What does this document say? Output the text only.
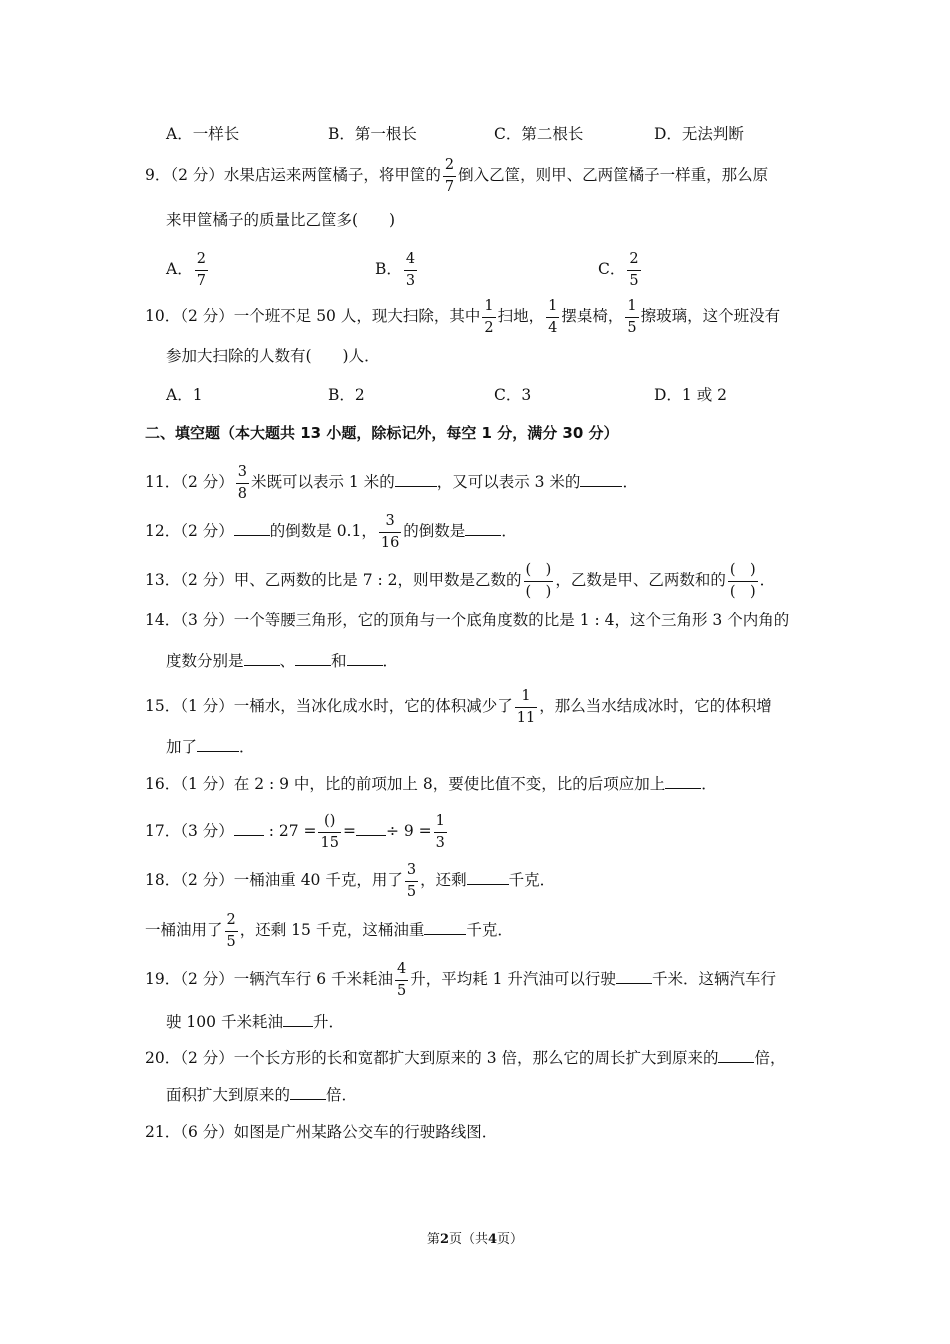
A．一样长	B．第一根长	C．第二根长	D．无法判断
9．（2 分）水果店运来两筐橘子，将甲筐的 $\frac{2}{7}$ 倒入乙筐，则甲、乙两筐橘子一样重，那么原
来甲筐橘子的质量比乙筐多(　　)
A． $\frac{2}{7}$	B． $\frac{4}{3}$	C． $\frac{2}{5}$
10．（2 分）一个班不足 50 人，现大扫除，其中 $\frac{1}{2}$ 扫地， $\frac{1}{4}$ 摆桌椅， $\frac{1}{5}$ 擦玻璃，这个班没有
参加大扫除的人数有(　　)人．
A．1	B．2	C．3	D．1 或 2
二、填空题（本大题共 13 小题，除标记外，每空 1 分，满分 30 分）
11．（2 分） $\frac{3}{8}$ 米既可以表示 1 米的	，又可以表示 3 米的	．
12．（2 分） 的倒数是 0.1， $\frac{3}{16}$ 的倒数是 ．
13．（2 分）甲、乙两数的比是 7 : 2，则甲数是乙数的 $\frac{( )}{( )}$ ，乙数是甲、乙两数和的 $\frac{( )}{( )}$ ．
14．（3 分）一个等腰三角形，它的顶角与一个底角度数的比是 1 : 4，这个三角形 3 个内角的
度数分别是 、 和 ．
15．（1 分）一桶水，当冰化成水时，它的体积减少了 $\frac{1}{11}$ ，那么当水结成冰时，它的体积增
加了	．
16．（1 分）在 2 : 9 中，比的前项加上 8，要使比值不变，比的后项应加上 ．
17．（3 分） : $27 = \frac{()}{15}$ = ÷ $9 = \frac{1}{3}$
18．（2 分）一桶油重 40 千克，用了 $\frac{3}{5}$ ，还剩	千克．
一桶油用了 $\frac{2}{5}$ ，还剩 15 千克，这桶油重	千克．
19．（2 分）一辆汽车行 6 千米耗油 $\frac{4}{5}$ 升，平均耗 1 升汽油可以行驶 千米．这辆汽车行
驶 100 千米耗油 升．
20．（2 分）一个长方形的长和宽都扩大到原来的 3 倍，那么它的周长扩大到原来的 倍，
面积扩大到原来的 倍．
21．（6 分）如图是广州某路公交车的行驶路线图．
第2页（共4页）
